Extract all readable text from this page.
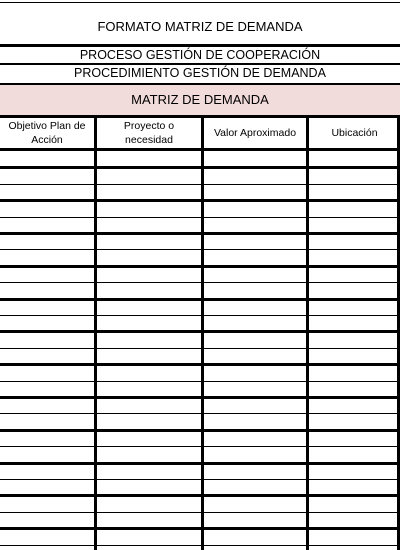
FORMATO MATRIZ DE DEMANDA
PROCESO GESTIÓN DE COOPERACIÓN
PROCEDIMIENTO GESTIÓN DE DEMANDA
MATRIZ DE DEMANDA
Objetivo Plan de
Acción
Proyecto o
necesidad
Valor Aproximado	Ubicación
